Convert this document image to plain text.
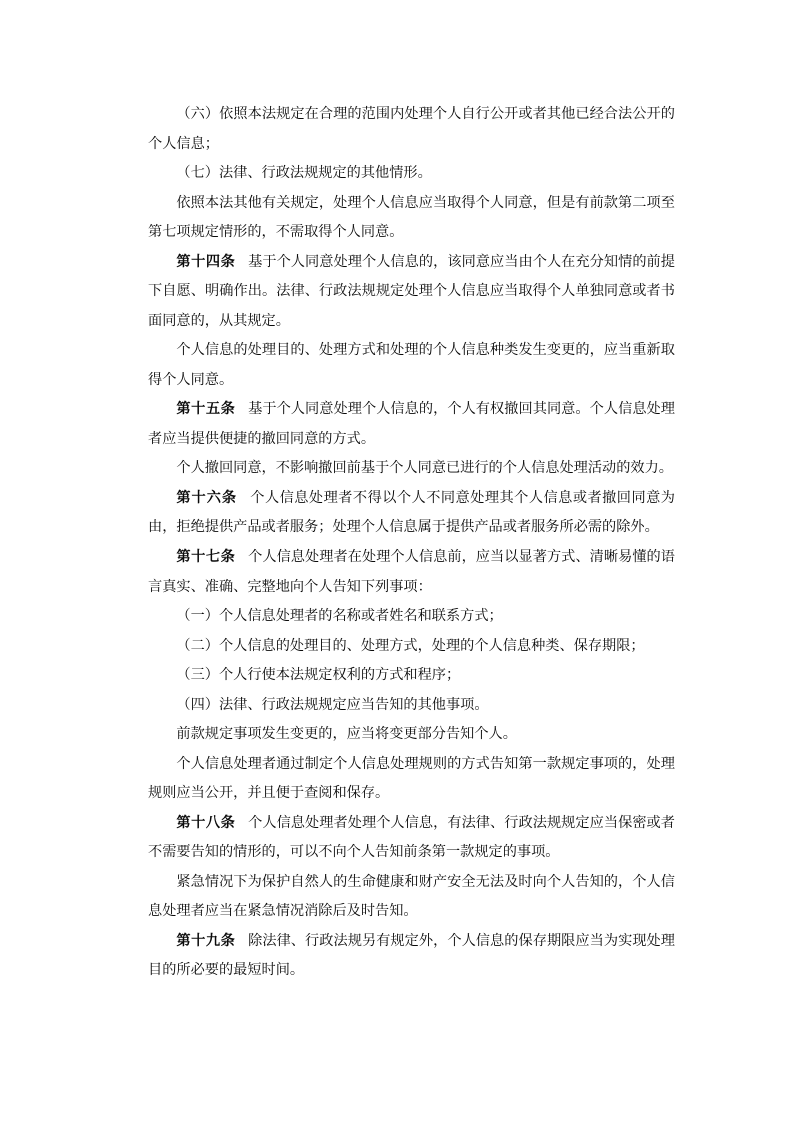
（六）依照本法规定在合理的范围内处理个人自行公开或者其他已经合法公开的个人信息；

（七）法律、行政法规规定的其他情形。

依照本法其他有关规定，处理个人信息应当取得个人同意，但是有前款第二项至第七项规定情形的，不需取得个人同意。

第十四条 基于个人同意处理个人信息的，该同意应当由个人在充分知情的前提下自愿、明确作出。法律、行政法规规定处理个人信息应当取得个人单独同意或者书面同意的，从其规定。

个人信息的处理目的、处理方式和处理的个人信息种类发生变更的，应当重新取得个人同意。

第十五条 基于个人同意处理个人信息的，个人有权撤回其同意。个人信息处理者应当提供便捷的撤回同意的方式。

个人撤回同意，不影响撤回前基于个人同意已进行的个人信息处理活动的效力。

第十六条 个人信息处理者不得以个人不同意处理其个人信息或者撤回同意为由，拒绝提供产品或者服务；处理个人信息属于提供产品或者服务所必需的除外。

第十七条 个人信息处理者在处理个人信息前，应当以显著方式、清晰易懂的语言真实、准确、完整地向个人告知下列事项：

（一）个人信息处理者的名称或者姓名和联系方式；

（二）个人信息的处理目的、处理方式，处理的个人信息种类、保存期限；

（三）个人行使本法规定权利的方式和程序；

（四）法律、行政法规规定应当告知的其他事项。

前款规定事项发生变更的，应当将变更部分告知个人。

个人信息处理者通过制定个人信息处理规则的方式告知第一款规定事项的，处理规则应当公开，并且便于查阅和保存。

第十八条 个人信息处理者处理个人信息，有法律、行政法规规定应当保密或者不需要告知的情形的，可以不向个人告知前条第一款规定的事项。

紧急情况下为保护自然人的生命健康和财产安全无法及时向个人告知的，个人信息处理者应当在紧急情况消除后及时告知。

第十九条 除法律、行政法规另有规定外，个人信息的保存期限应当为实现处理目的所必要的最短时间。
